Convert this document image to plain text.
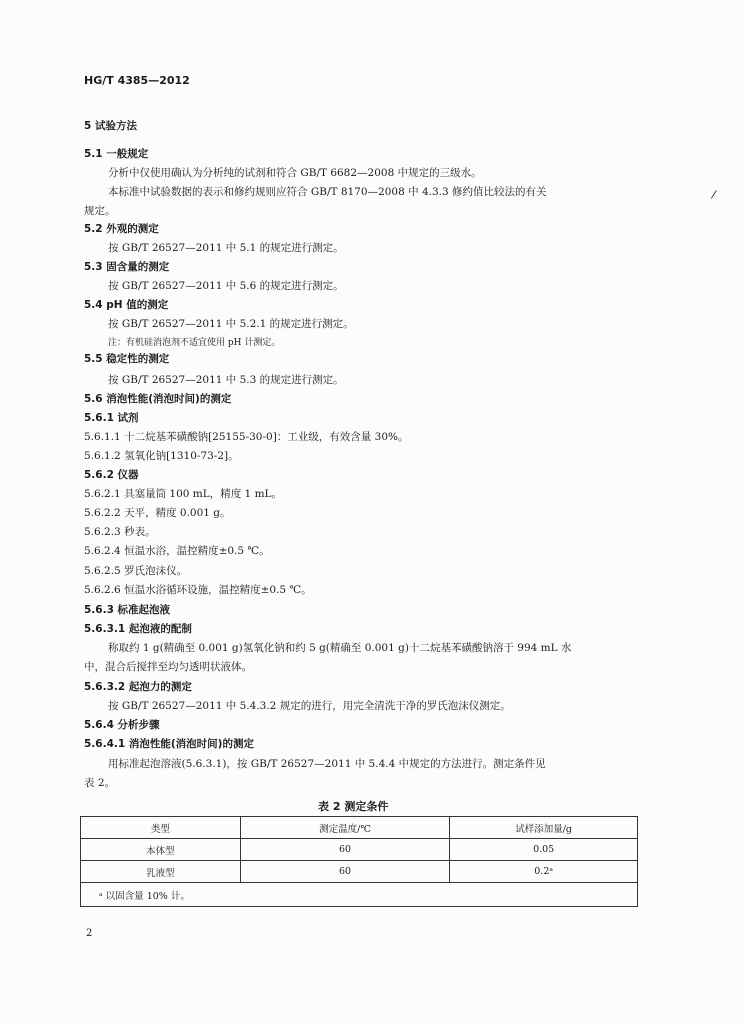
HG/T 4385—2012
/
5 试验方法
5.1 一般规定
分析中仅使用确认为分析纯的试剂和符合 GB/T 6682—2008 中规定的三级水。
本标准中试验数据的表示和修约规则应符合 GB/T 8170—2008 中 4.3.3 修约值比较法的有关
规定。
5.2 外观的测定
按 GB/T 26527—2011 中 5.1 的规定进行测定。
5.3 固含量的测定
按 GB/T 26527—2011 中 5.6 的规定进行测定。
5.4 pH 值的测定
按 GB/T 26527—2011 中 5.2.1 的规定进行测定。
注：有机硅消泡剂不适宜使用 pH 计测定。
5.5 稳定性的测定
按 GB/T 26527—2011 中 5.3 的规定进行测定。
5.6 消泡性能(消泡时间)的测定
5.6.1 试剂
5.6.1.1 十二烷基苯磺酸钠[25155-30-0]：工业级，有效含量 30%。
5.6.1.2 氢氧化钠[1310-73-2]。
5.6.2 仪器
5.6.2.1 具塞量筒 100 mL，精度 1 mL。
5.6.2.2 天平，精度 0.001 g。
5.6.2.3 秒表。
5.6.2.4 恒温水浴，温控精度±0.5 ℃。
5.6.2.5 罗氏泡沫仪。
5.6.2.6 恒温水浴循环设施，温控精度±0.5 ℃。
5.6.3 标准起泡液
5.6.3.1 起泡液的配制
称取约 1 g(精确至 0.001 g)氢氧化钠和约 5 g(精确至 0.001 g)十二烷基苯磺酸钠溶于 994 mL 水
中，混合后搅拌至均匀透明状液体。
5.6.3.2 起泡力的测定
按 GB/T 26527—2011 中 5.4.3.2 规定的进行，用完全清洗干净的罗氏泡沫仪测定。
5.6.4 分析步骤
5.6.4.1 消泡性能(消泡时间)的测定
用标准起泡溶液(5.6.3.1)，按 GB/T 26527—2011 中 5.4.4 中规定的方法进行。测定条件见
表 2。
表 2 测定条件
类型	测定温度/℃	试样添加量/g
本体型	60	0.05
乳液型	60	0.2ᵃ
ᵃ 以固含量 10% 计。		
2
